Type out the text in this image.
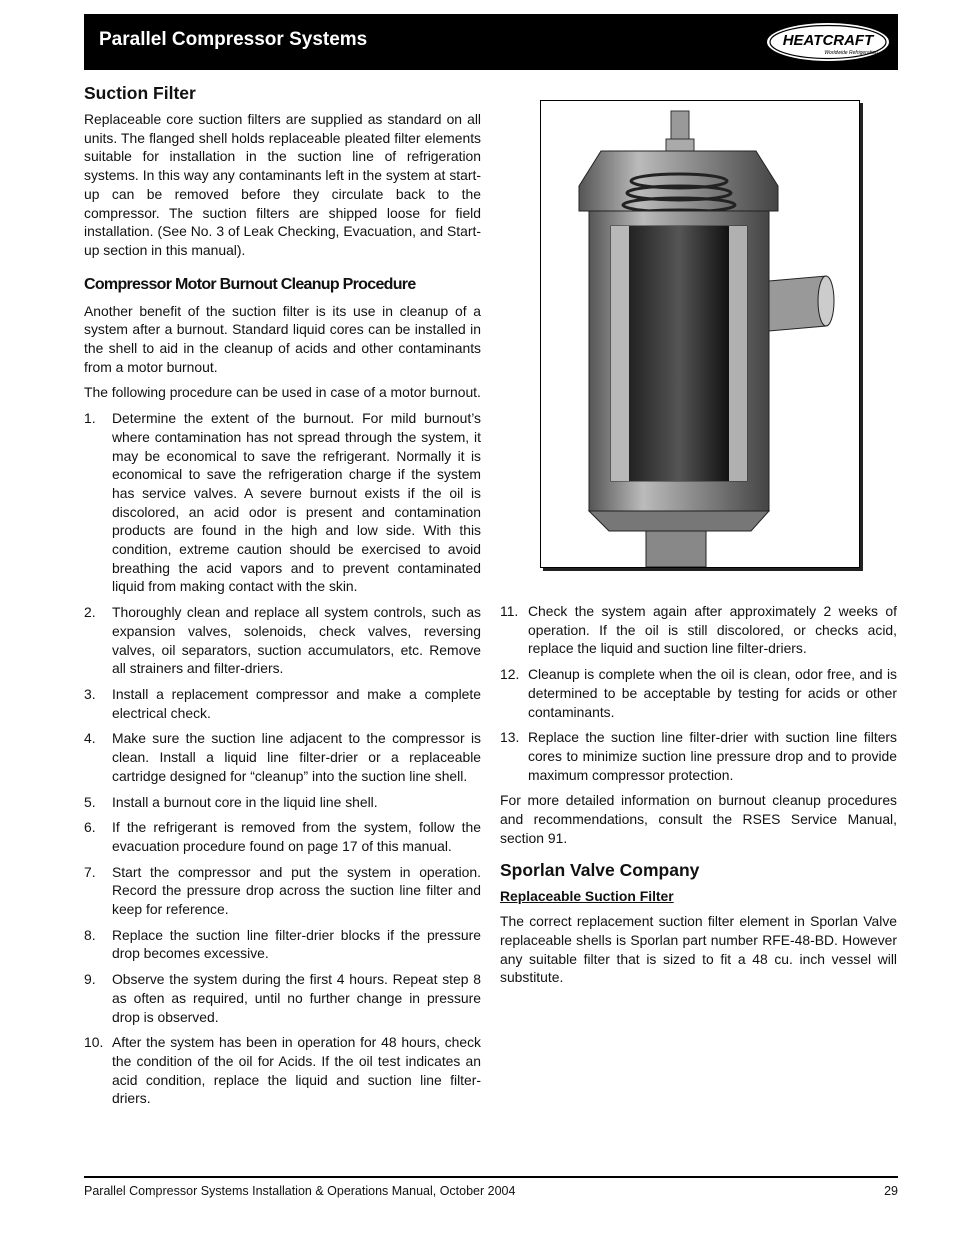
Parallel Compressor Systems	HEATCRAFT
Worldwide Refrigeration
Suction Filter

Replaceable core suction filters are supplied as standard on all units. The flanged shell holds replaceable pleated filter elements suitable for installation in the suction line of refrigeration systems. In this way any contaminants left in the system at start-up can be removed before they circulate back to the compressor. The suction filters are shipped loose for field installation. (See No. 3 of Leak Checking, Evacuation, and Start-up section in this manual).

Compressor Motor Burnout Cleanup Procedure

Another benefit of the suction filter is its use in cleanup of a system after a burnout. Standard liquid cores can be installed in the shell to aid in the cleanup of acids and other contaminants from a motor burnout.

The following procedure can be used in case of a motor burnout.

1. Determine the extent of the burnout. For mild burnout’s where contamination has not spread through the system, it may be economical to save the refrigerant. Normally it is economical to save the refrigeration charge if the system has service valves. A severe burnout exists if the oil is discolored, an acid odor is present and contamination products are found in the high and low side. With this condition, extreme caution should be exercised to avoid breathing the acid vapors and to prevent contaminated liquid from making contact with the skin.
2. Thoroughly clean and replace all system controls, such as expansion valves, solenoids, check valves, reversing valves, oil separators, suction accumulators, etc. Remove all strainers and filter-driers.
3. Install a replacement compressor and make a complete electrical check.
4. Make sure the suction line adjacent to the compressor is clean. Install a liquid line filter-drier or a replaceable cartridge designed for “cleanup” into the suction line shell.
5. Install a burnout core in the liquid line shell.
6. If the refrigerant is removed from the system, follow the evacuation procedure found on page 17 of this manual.
7. Start the compressor and put the system in operation. Record the pressure drop across the suction line filter and keep for reference.
8. Replace the suction line filter-drier blocks if the pressure drop becomes excessive.
9. Observe the system during the first 4 hours. Repeat step 8 as often as required, until no further change in pressure drop is observed.
10. After the system has been in operation for 48 hours, check the condition of the oil for Acids. If the oil test indicates an acid condition, replace the liquid and suction line filter-driers.
11. Check the system again after approximately 2 weeks of operation. If the oil is still discolored, or checks acid, replace the liquid and suction line filter-driers.
12. Cleanup is complete when the oil is clean, odor free, and is determined to be acceptable by testing for acids or other contaminants.
13. Replace the suction line filter-drier with suction line filters cores to minimize suction line pressure drop and to provide maximum compressor protection.

For more detailed information on burnout cleanup procedures and recommendations, consult the RSES Service Manual, section 91.

Sporlan Valve Company
Replaceable Suction Filter

The correct replacement suction filter element in Sporlan Valve replaceable shells is Sporlan part number RFE-48-BD. However any suitable filter that is sized to fit a 48 cu. inch vessel will substitute.

Parallel Compressor Systems Installation & Operations Manual, October 2004	29
